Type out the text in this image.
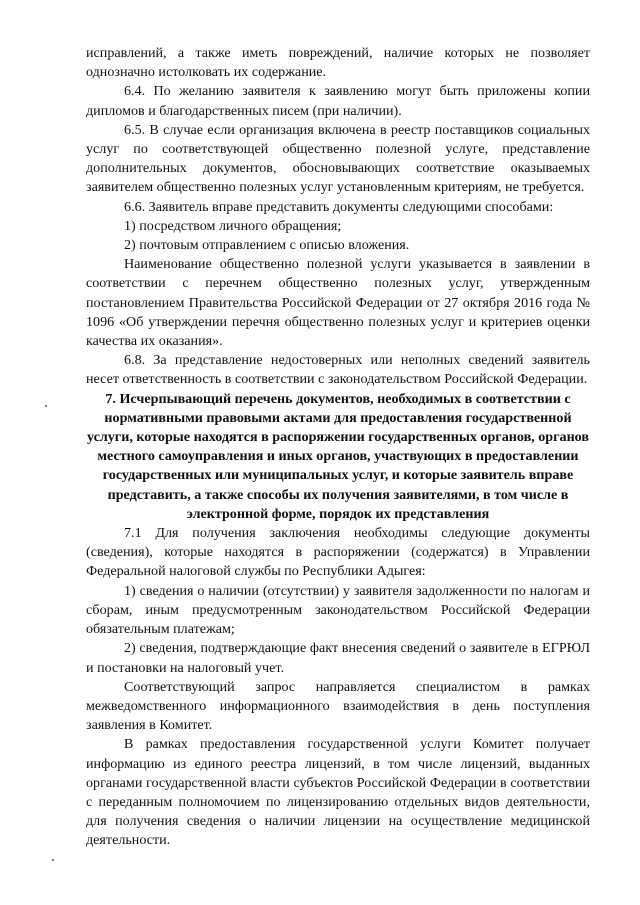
исправлений, а также иметь повреждений, наличие которых не позволяет однозначно истолковать их содержание.

6.4. По желанию заявителя к заявлению могут быть приложены копии дипломов и благодарственных писем (при наличии).

6.5. В случае если организация включена в реестр поставщиков социальных услуг по соответствующей общественно полезной услуге, представление дополнительных документов, обосновывающих соответствие оказываемых заявителем общественно полезных услуг установленным критериям, не требуется.

6.6. Заявитель вправе представить документы следующими способами:

1) посредством личного обращения;

2) почтовым отправлением с описью вложения.

Наименование общественно полезной услуги указывается в заявлении в соответствии с перечнем общественно полезных услуг, утвержденным постановлением Правительства Российской Федерации от 27 октября 2016 года № 1096 «Об утверждении перечня общественно полезных услуг и критериев оценки качества их оказания».

6.8. За представление недостоверных или неполных сведений заявитель несет ответственность в соответствии с законодательством Российской Федерации.

7. Исчерпывающий перечень документов, необходимых в соответствии с нормативными правовыми актами для предоставления государственной услуги, которые находятся в распоряжении государственных органов, органов местного самоуправления и иных органов, участвующих в предоставлении государственных или муниципальных услуг, и которые заявитель вправе представить, а также способы их получения заявителями, в том числе в электронной форме, порядок их представления

7.1 Для получения заключения необходимы следующие документы (сведения), которые находятся в распоряжении (содержатся) в Управлении Федеральной налоговой службы по Республики Адыгея:

1) сведения о наличии (отсутствии) у заявителя задолженности по налогам и сборам, иным предусмотренным законодательством Российской Федерации обязательным платежам;

2) сведения, подтверждающие факт внесения сведений о заявителе в ЕГРЮЛ и постановки на налоговый учет.

Соответствующий запрос направляется специалистом в рамках межведомственного информационного взаимодействия в день поступления заявления в Комитет.

В рамках предоставления государственной услуги Комитет получает информацию из единого реестра лицензий, в том числе лицензий, выданных органами государственной власти субъектов Российской Федерации в соответствии с переданным полномочием по лицензированию отдельных видов деятельности, для получения сведения о наличии лицензии на осуществление медицинской деятельности.
